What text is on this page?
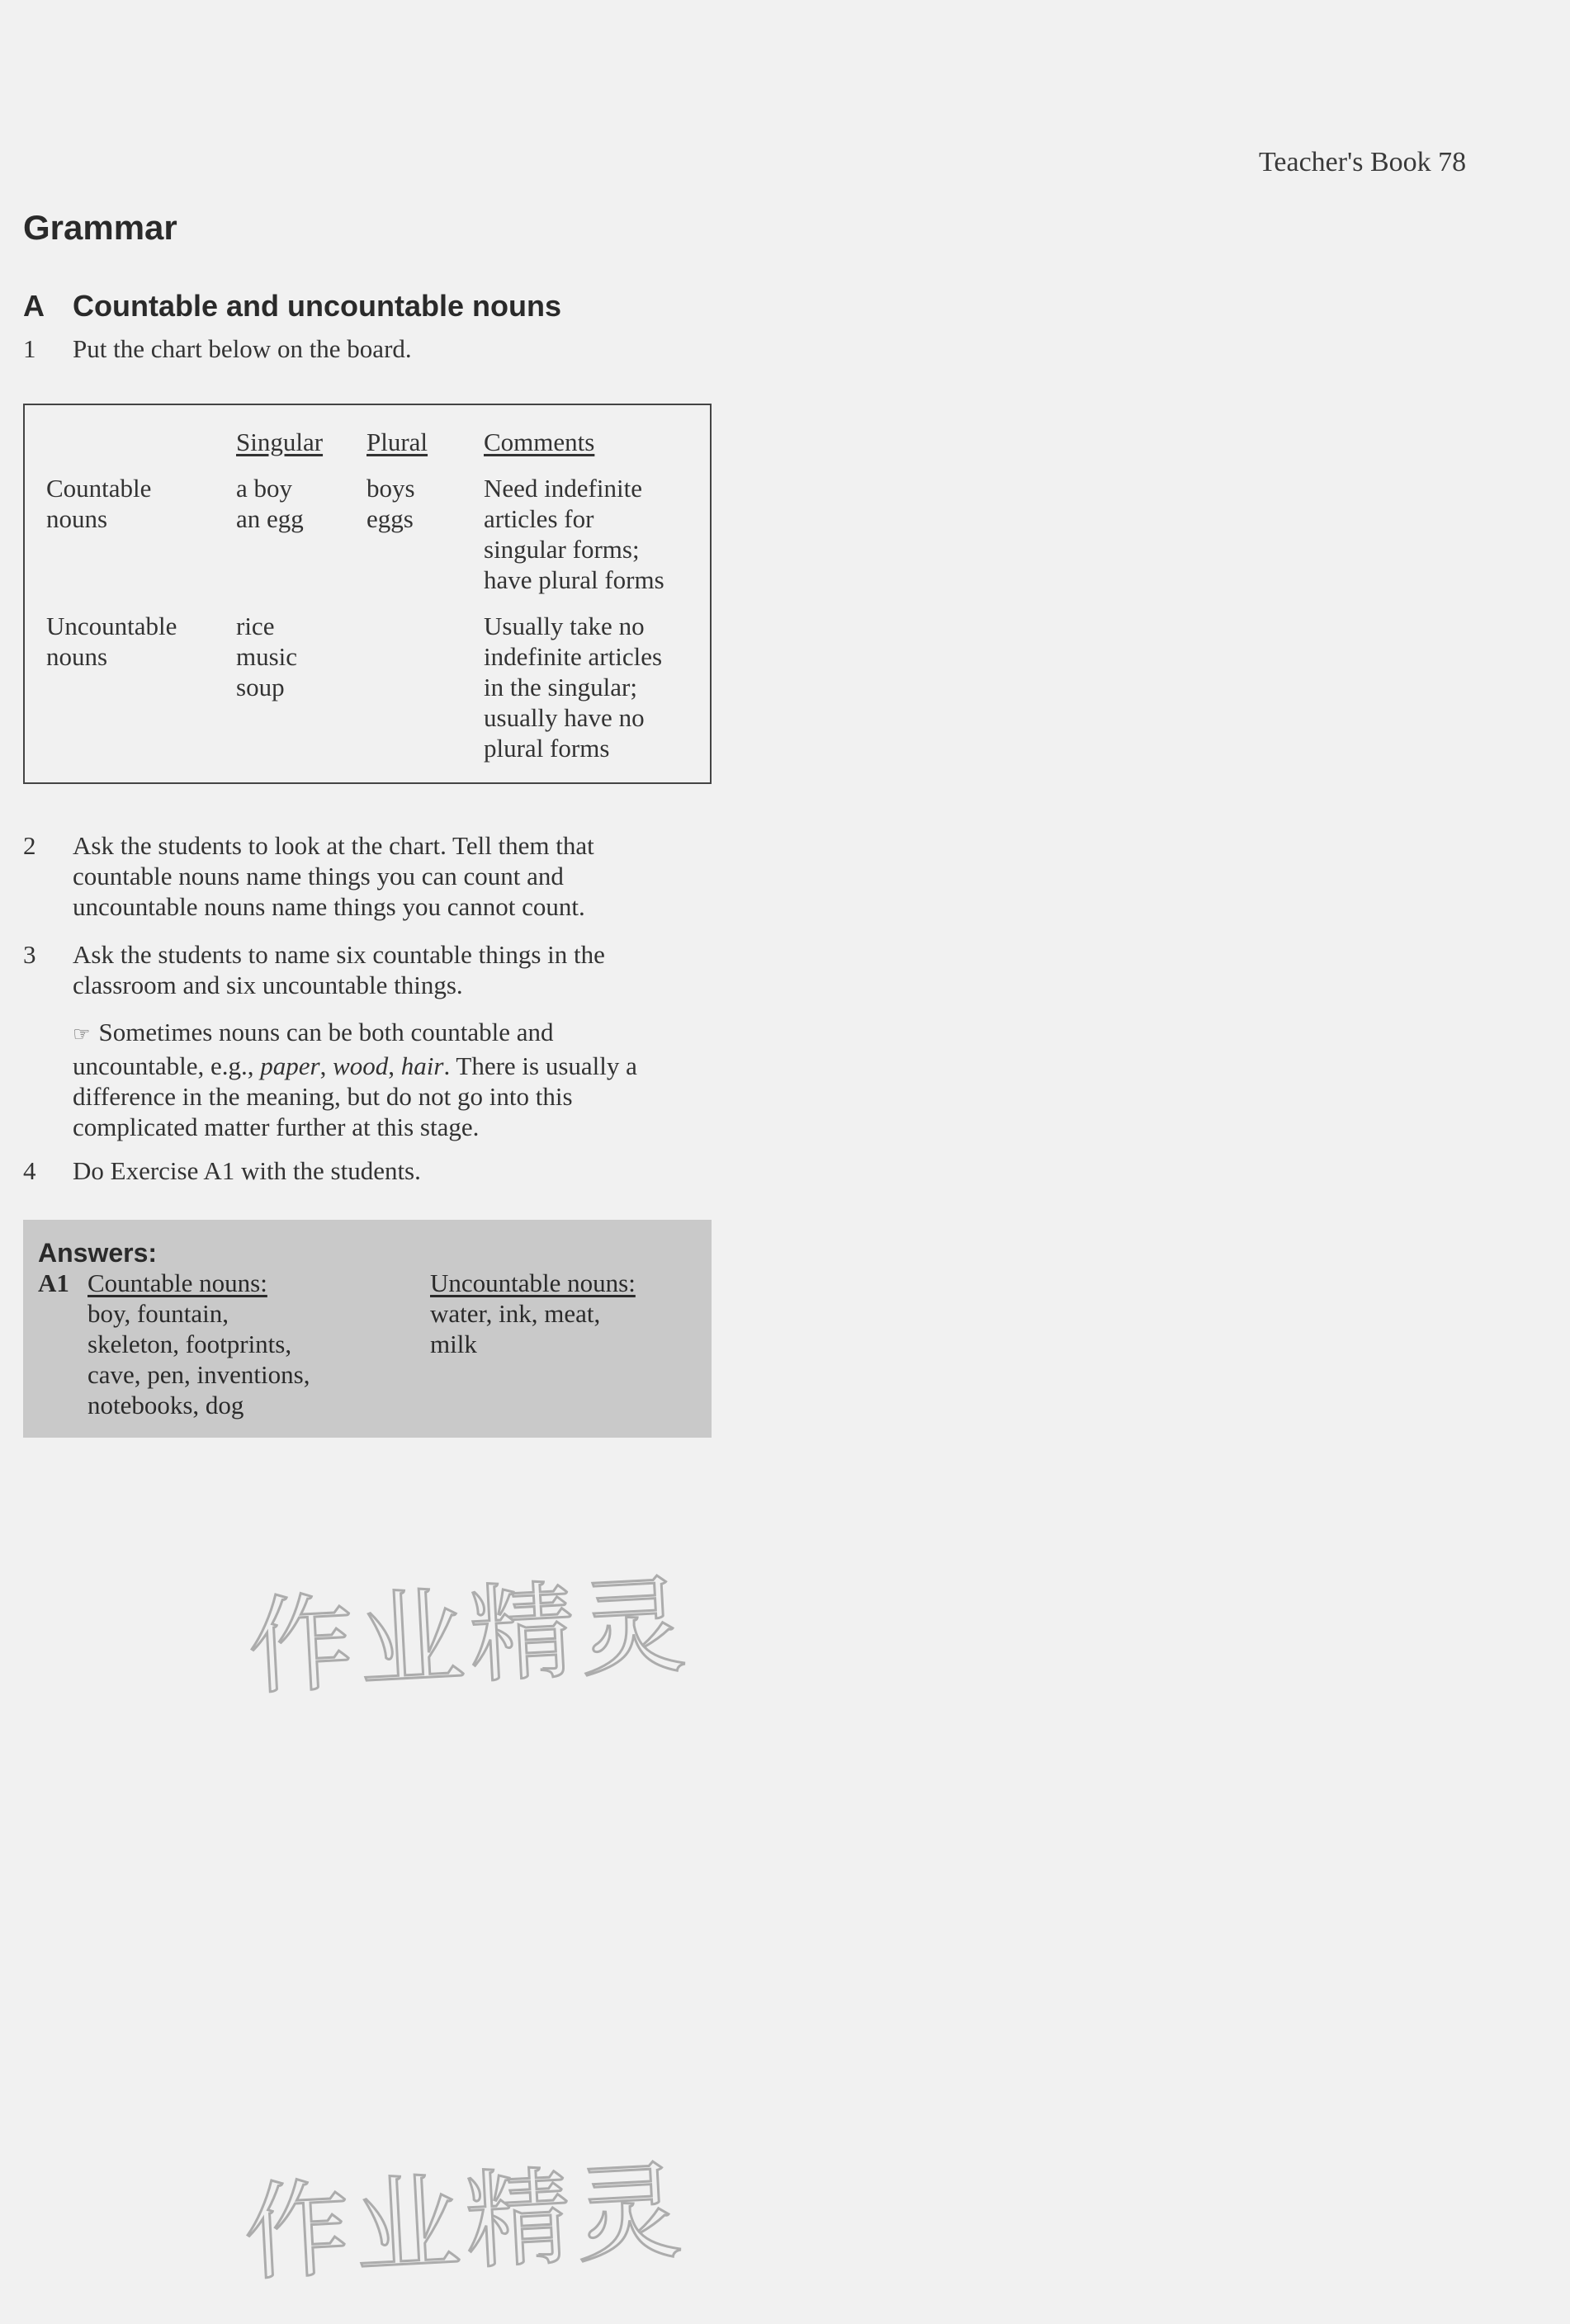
Teacher's Book 78
Grammar
A Countable and uncountable nouns
1 Put the chart below on the board.
Singular Plural Comments
Countable
nouns
a boy
an egg
boys
eggs
Need indefinite
articles for
singular forms;
have plural forms
Uncountable
nouns
rice
music
soup
Usually take no
indefinite articles
in the singular;
usually have no
plural forms
2 Ask the students to look at the chart. Tell them that
countable nouns name things you can count and
uncountable nouns name things you cannot count.
3 Ask the students to name six countable things in the
classroom and six uncountable things.
☞ Sometimes nouns can be both countable and
uncountable, e.g., paper, wood, hair. There is usually a
difference in the meaning, but do not go into this
complicated matter further at this stage.
4 Do Exercise A1 with the students.
Answers:
A1 Countable nouns:
boy, fountain,
skeleton, footprints,
cave, pen, inventions,
notebooks, dog
Uncountable nouns:
water, ink, meat,
milk
作业精灵
作业精灵
